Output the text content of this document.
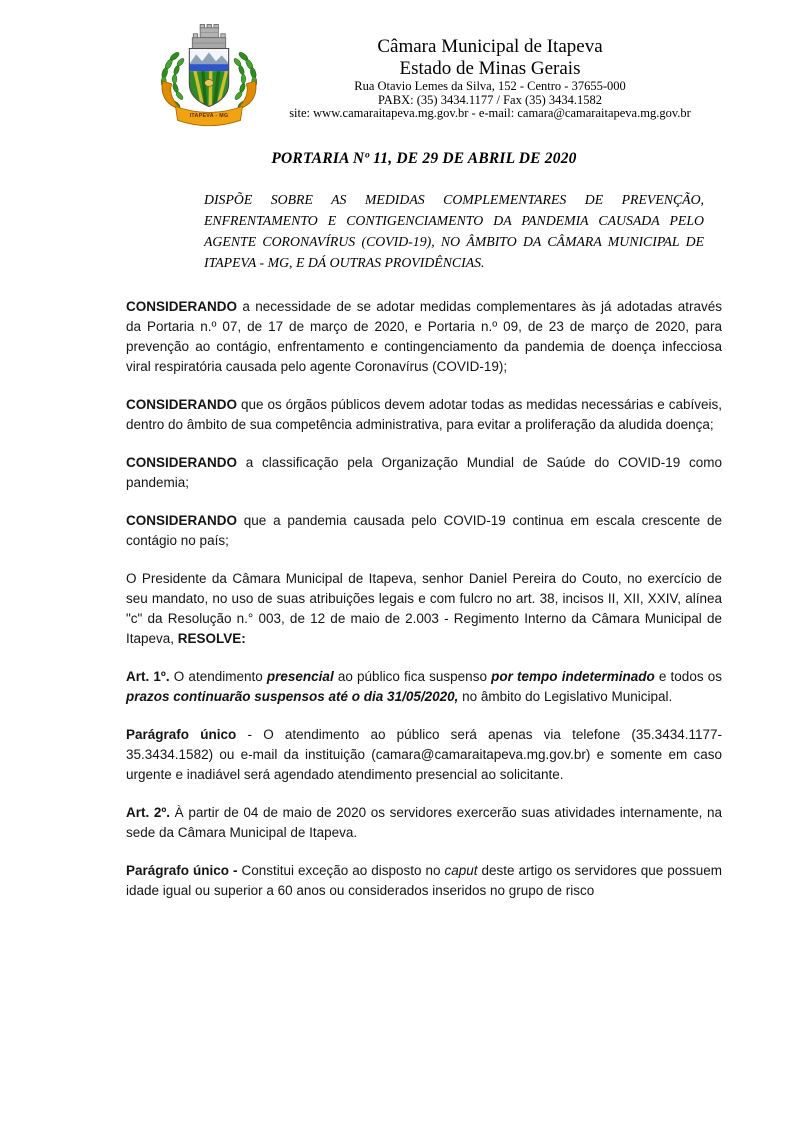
ITAPEVA - MG
Câmara Municipal de Itapeva
Estado de Minas Gerais
Rua Otavio Lemes da Silva, 152 - Centro - 37655-000
PABX: (35) 3434.1177 / Fax (35) 3434.1582
site: www.camaraitapeva.mg.gov.br - e-mail: camara@camaraitapeva.mg.gov.br
PORTARIA Nº 11, DE 29 DE ABRIL DE 2020
DISPÕE SOBRE AS MEDIDAS COMPLEMENTARES DE PREVENÇÃO, ENFRENTAMENTO E CONTIGENCIAMENTO DA PANDEMIA CAUSADA PELO AGENTE CORONAVÍRUS (COVID-19), NO ÂMBITO DA CÂMARA MUNICIPAL DE ITAPEVA - MG, E DÁ OUTRAS PROVIDÊNCIAS.

CONSIDERANDO a necessidade de se adotar medidas complementares às já adotadas através da Portaria n.º 07, de 17 de março de 2020, e Portaria n.º 09, de 23 de março de 2020, para prevenção ao contágio, enfrentamento e contingenciamento da pandemia de doença infecciosa viral respiratória causada pelo agente Coronavírus (COVID-19);

CONSIDERANDO que os órgãos públicos devem adotar todas as medidas necessárias e cabíveis, dentro do âmbito de sua competência administrativa, para evitar a proliferação da aludida doença;

CONSIDERANDO a classificação pela Organização Mundial de Saúde do COVID-19 como pandemia;

CONSIDERANDO que a pandemia causada pelo COVID-19 continua em escala crescente de contágio no país;

O Presidente da Câmara Municipal de Itapeva, senhor Daniel Pereira do Couto, no exercício de seu mandato, no uso de suas atribuições legais e com fulcro no art. 38, incisos II, XII, XXIV, alínea "c" da Resolução n.° 003, de 12 de maio de 2.003 - Regimento Interno da Câmara Municipal de Itapeva, RESOLVE:

Art. 1º. O atendimento presencial ao público fica suspenso por tempo indeterminado e todos os prazos continuarão suspensos até o dia 31/05/2020, no âmbito do Legislativo Municipal.

Parágrafo único - O atendimento ao público será apenas via telefone (35.3434.1177-35.3434.1582) ou e-mail da instituição (camara@camaraitapeva.mg.gov.br) e somente em caso urgente e inadiável será agendado atendimento presencial ao solicitante.

Art. 2º. À partir de 04 de maio de 2020 os servidores exercerão suas atividades internamente, na sede da Câmara Municipal de Itapeva.

Parágrafo único - Constitui exceção ao disposto no caput deste artigo os servidores que possuem idade igual ou superior a 60 anos ou considerados inseridos no grupo de risco
